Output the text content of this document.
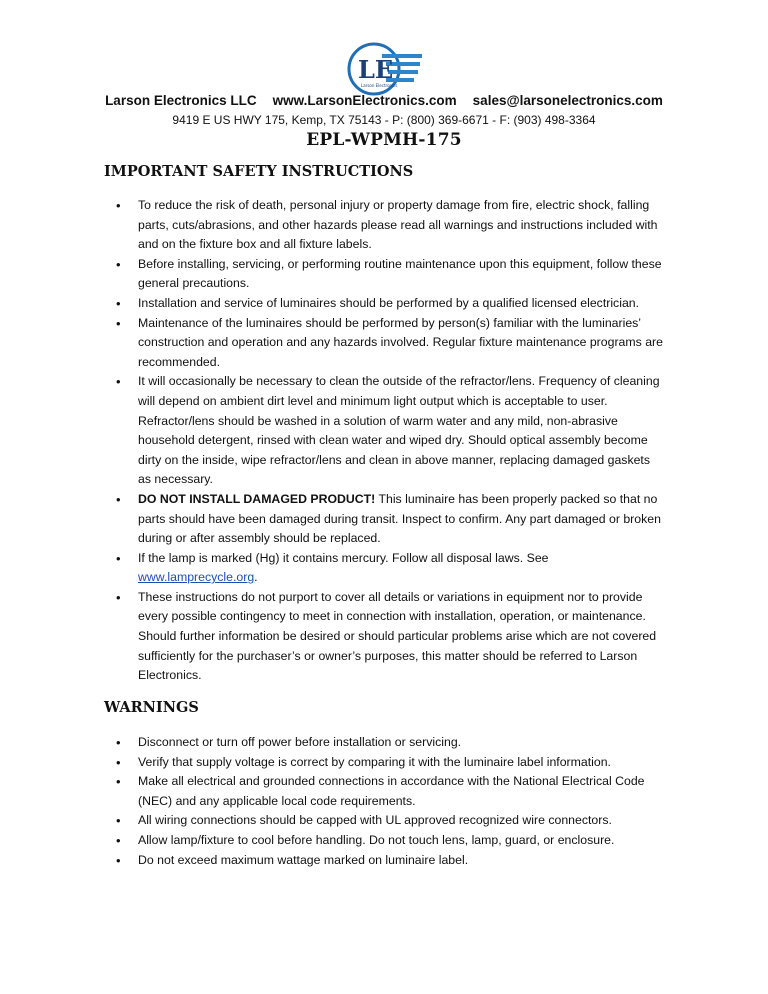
LE
Larson Electronics
Larson Electronics LLC www.LarsonElectronics.com sales@larsonelectronics.com
9419 E US HWY 175, Kemp, TX 75143 - P: (800) 369-6671 - F: (903) 498-3364
EPL-WPMH-175
IMPORTANT SAFETY INSTRUCTIONS
•	To reduce the risk of death, personal injury or property damage from fire, electric shock, falling parts, cuts/abrasions, and other hazards please read all warnings and instructions included with and on the fixture box and all fixture labels.
•	Before installing, servicing, or performing routine maintenance upon this equipment, follow these general precautions.
•	Installation and service of luminaires should be performed by a qualified licensed electrician.
•	Maintenance of the luminaires should be performed by person(s) familiar with the luminaries’ construction and operation and any hazards involved. Regular fixture maintenance programs are recommended.
•	It will occasionally be necessary to clean the outside of the refractor/lens. Frequency of cleaning will depend on ambient dirt level and minimum light output which is acceptable to user. Refractor/lens should be washed in a solution of warm water and any mild, non-abrasive household detergent, rinsed with clean water and wiped dry. Should optical assembly become dirty on the inside, wipe refractor/lens and clean in above manner, replacing damaged gaskets as necessary.
•	DO NOT INSTALL DAMAGED PRODUCT! This luminaire has been properly packed so that no parts should have been damaged during transit. Inspect to confirm. Any part damaged or broken during or after assembly should be replaced.
•	If the lamp is marked (Hg) it contains mercury. Follow all disposal laws. See www.lamprecycle.org.
•	These instructions do not purport to cover all details or variations in equipment nor to provide every possible contingency to meet in connection with installation, operation, or maintenance. Should further information be desired or should particular problems arise which are not covered sufficiently for the purchaser’s or owner’s purposes, this matter should be referred to Larson Electronics.
WARNINGS
•	Disconnect or turn off power before installation or servicing.
•	Verify that supply voltage is correct by comparing it with the luminaire label information.
•	Make all electrical and grounded connections in accordance with the National Electrical Code (NEC) and any applicable local code requirements.
•	All wiring connections should be capped with UL approved recognized wire connectors.
•	Allow lamp/fixture to cool before handling. Do not touch lens, lamp, guard, or enclosure.
•	Do not exceed maximum wattage marked on luminaire label.
